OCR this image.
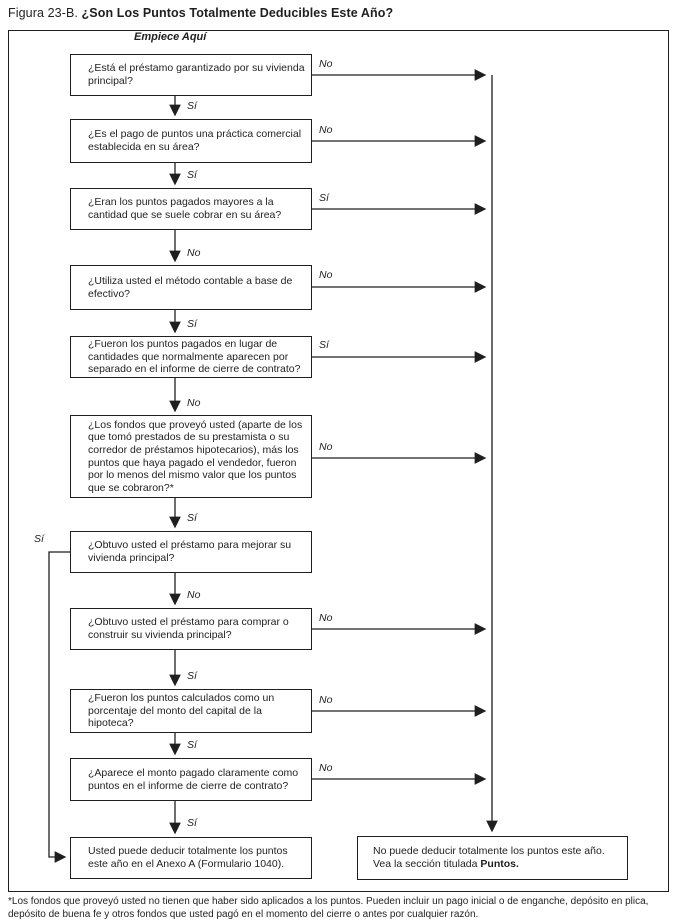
Figura 23-B. ¿Son Los Puntos Totalmente Deducibles Este Año?
Empiece Aquí
¿Está el préstamo garantizado por su vivienda principal?
¿Es el pago de puntos una práctica comercial establecida en su área?
¿Eran los puntos pagados mayores a la cantidad que se suele cobrar en su área?
¿Utiliza usted el método contable a base de efectivo?
¿Fueron los puntos pagados en lugar de cantidades que normalmente aparecen por separado en el informe de cierre de contrato?
¿Los fondos que proveyó usted (aparte de los que tomó prestados de su prestamista o su corredor de préstamos hipotecarios), más los puntos que haya pagado el vendedor, fueron por lo menos del mismo valor que los puntos que se cobraron?*
¿Obtuvo usted el préstamo para mejorar su vivienda principal?
¿Obtuvo usted el préstamo para comprar o construir su vivienda principal?
¿Fueron los puntos calculados como un porcentaje del monto del capital de la hipoteca?
¿Aparece el monto pagado claramente como puntos en el informe de cierre de contrato?
Usted puede deducir totalmente los puntos este año en el Anexo A (Formulario 1040).
No puede deducir totalmente los puntos este año.
Vea la sección titulada Puntos.
No
No
Sí
No
Sí
No
No
No
No
Sí
Sí
No
Sí
No
Sí
No
Sí
Sí
Sí
Sí
*Los fondos que proveyó usted no tienen que haber sido aplicados a los puntos. Pueden incluir un pago inicial o de enganche, depósito en plica, depósito de buena fe y otros fondos que usted pagó en el momento del cierre o antes por cualquier razón.
